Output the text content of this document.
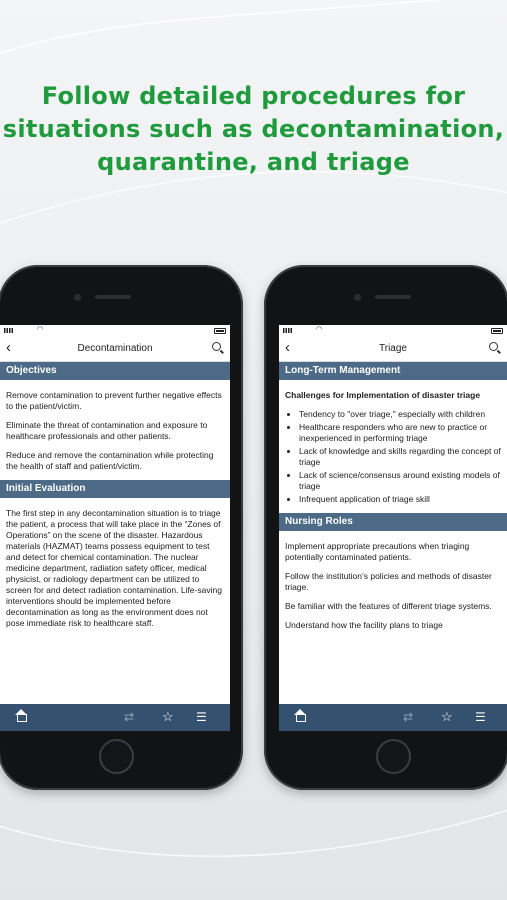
Follow detailed procedures for
situations such as decontamination,
quarantine, and triage
◠
‹	Decontamination
Objectives

Remove contamination to prevent further negative effects to the patient/victim.

Eliminate the threat of contamination and exposure to healthcare professionals and other patients.

Reduce and remove the contamination while protecting the health of staff and patient/victim.

Initial Evaluation

The first step in any decontamination situation is to triage the patient, a process that will take place in the “Zones of Operations” on the scene of the disaster. Hazardous materials (HAZMAT) teams possess equipment to test and detect for chemical contamination. The nuclear medicine department, radiation safety officer, medical physicist, or radiology department can be utilized to screen for and detect radiation contamination. Life-saving interventions should be implemented before decontamination as long as the environment does not pose immediate risk to healthcare staff.

⇄ ☆ ☰
◠
‹	Triage
Long-Term Management

Challenges for Implementation of disaster triage

• Tendency to "over triage," especially with children
• Healthcare responders who are new to practice or inexperienced in performing triage
• Lack of knowledge and skills regarding the concept of triage
• Lack of science/consensus around existing models of triage
• Infrequent application of triage skill
Nursing Roles

Implement appropriate precautions when triaging potentially contaminated patients.

Follow the institution’s policies and methods of disaster triage.

Be familiar with the features of different triage systems.

Understand how the facility plans to triage

⇄ ☆ ☰
